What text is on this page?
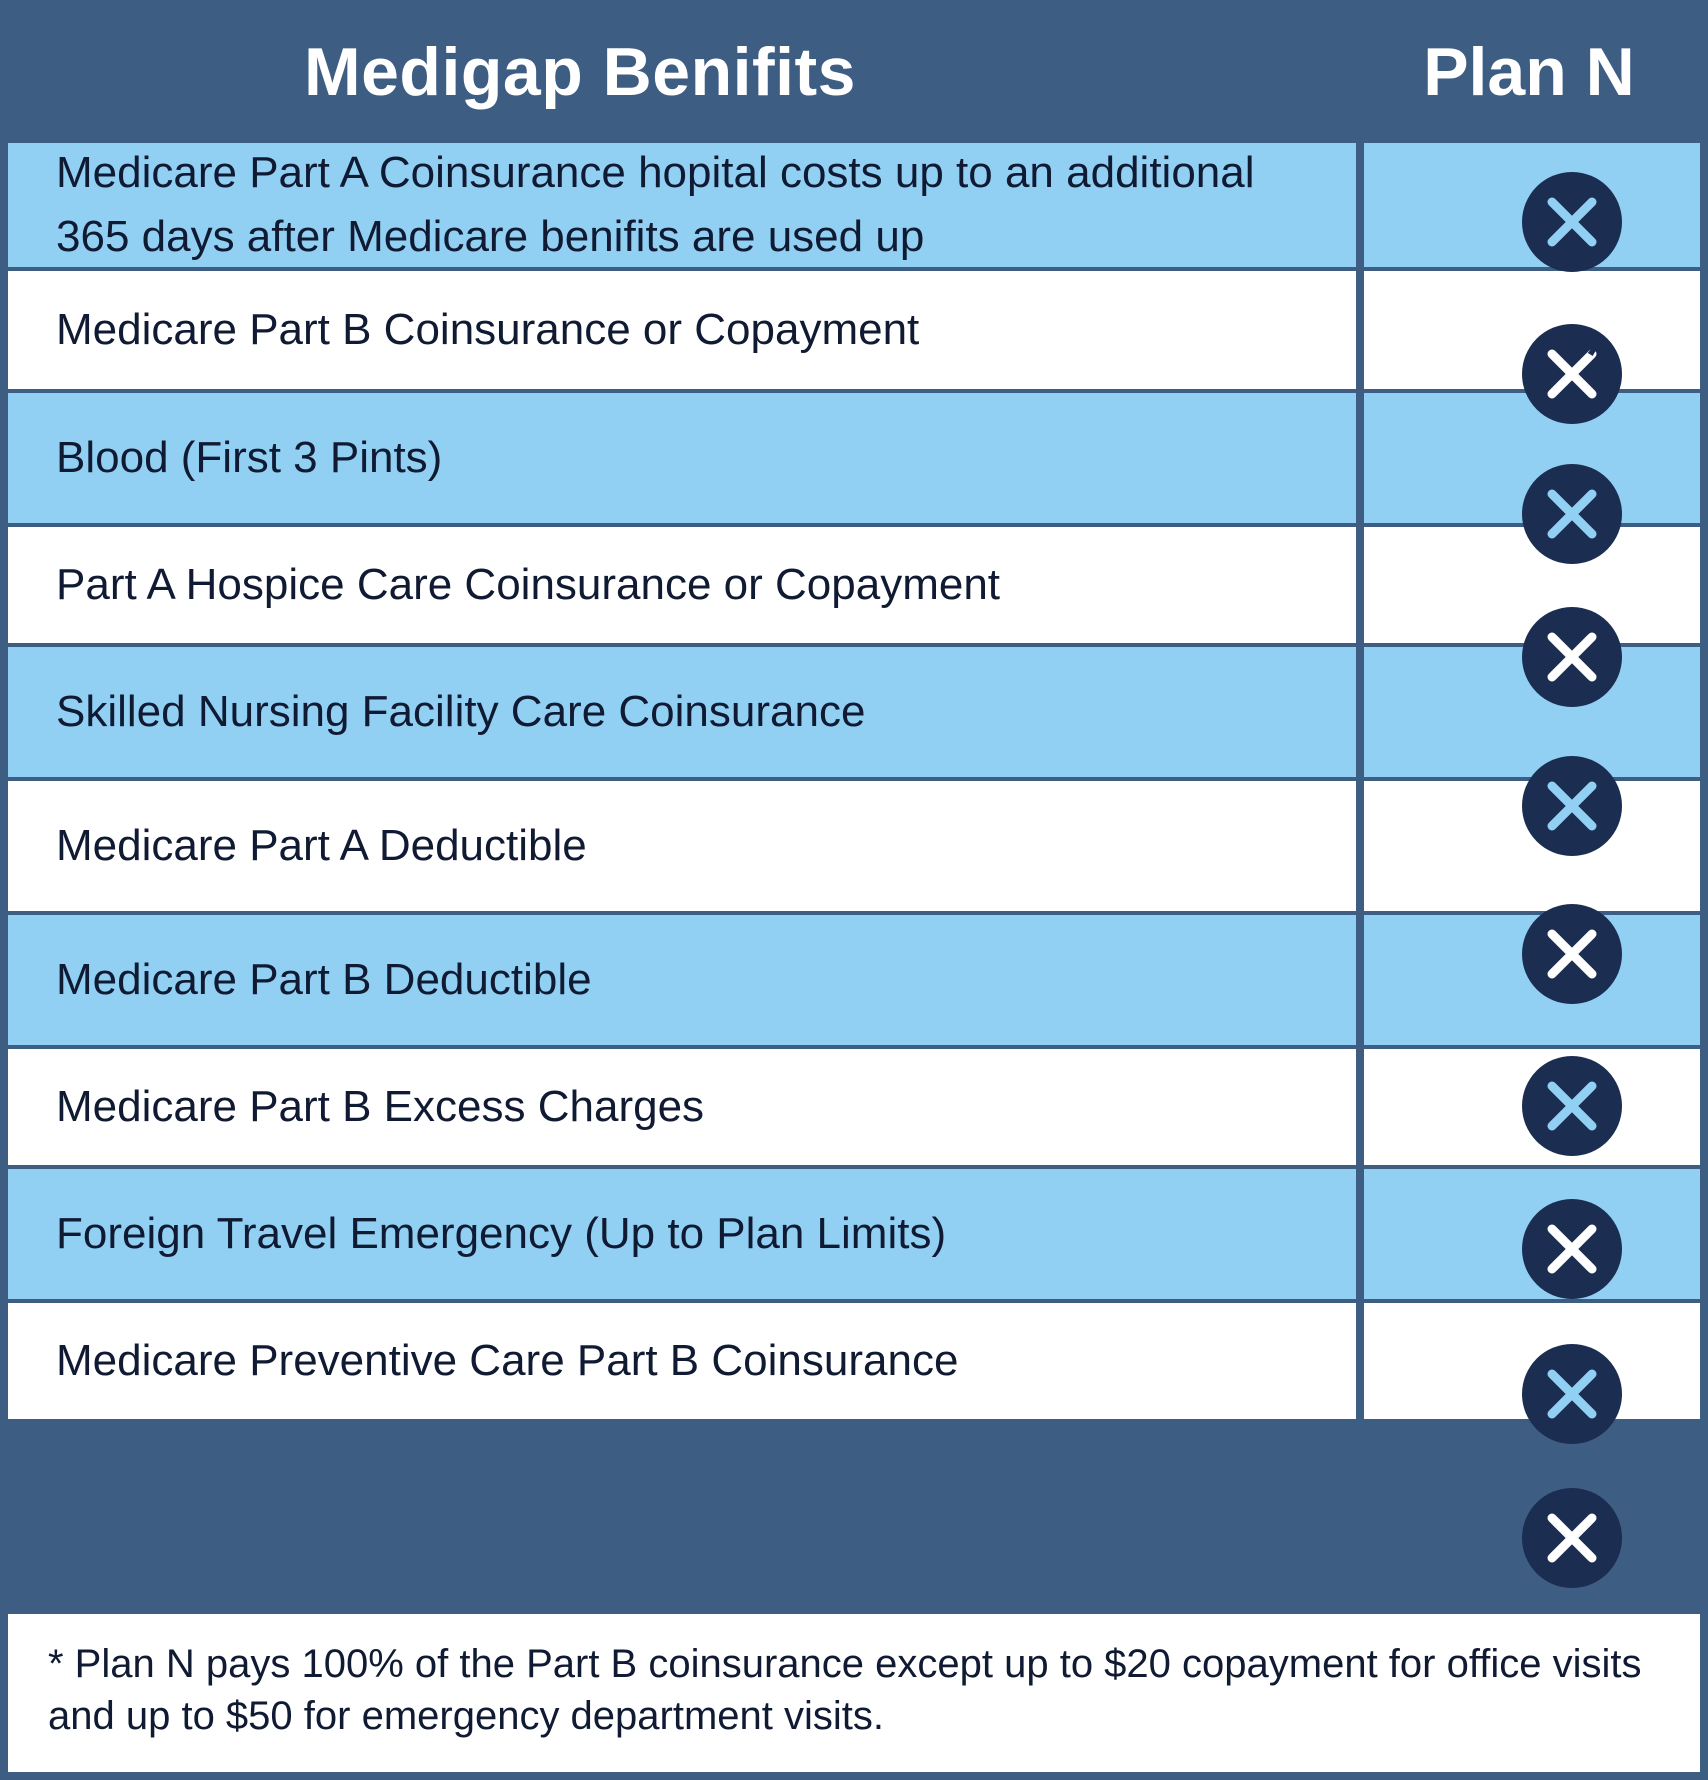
Medigap Benifits	Plan N
Medicare Part A Coinsurance hopital costs up to an additional 365 days after Medicare benifits are used up
Medicare Part B Coinsurance or Copayment
Blood (First 3 Pints)
Part A Hospice Care Coinsurance or Copayment
Skilled Nursing Facility Care Coinsurance
Medicare Part A Deductible
Medicare Part B Deductible
Medicare Part B Excess Charges
Foreign Travel Emergency (Up to Plan Limits)
Medicare Preventive Care Part B Coinsurance
*
* Plan N pays 100% of the Part B coinsurance except up to $20 copayment for office visits and up to $50 for emergency department visits.
